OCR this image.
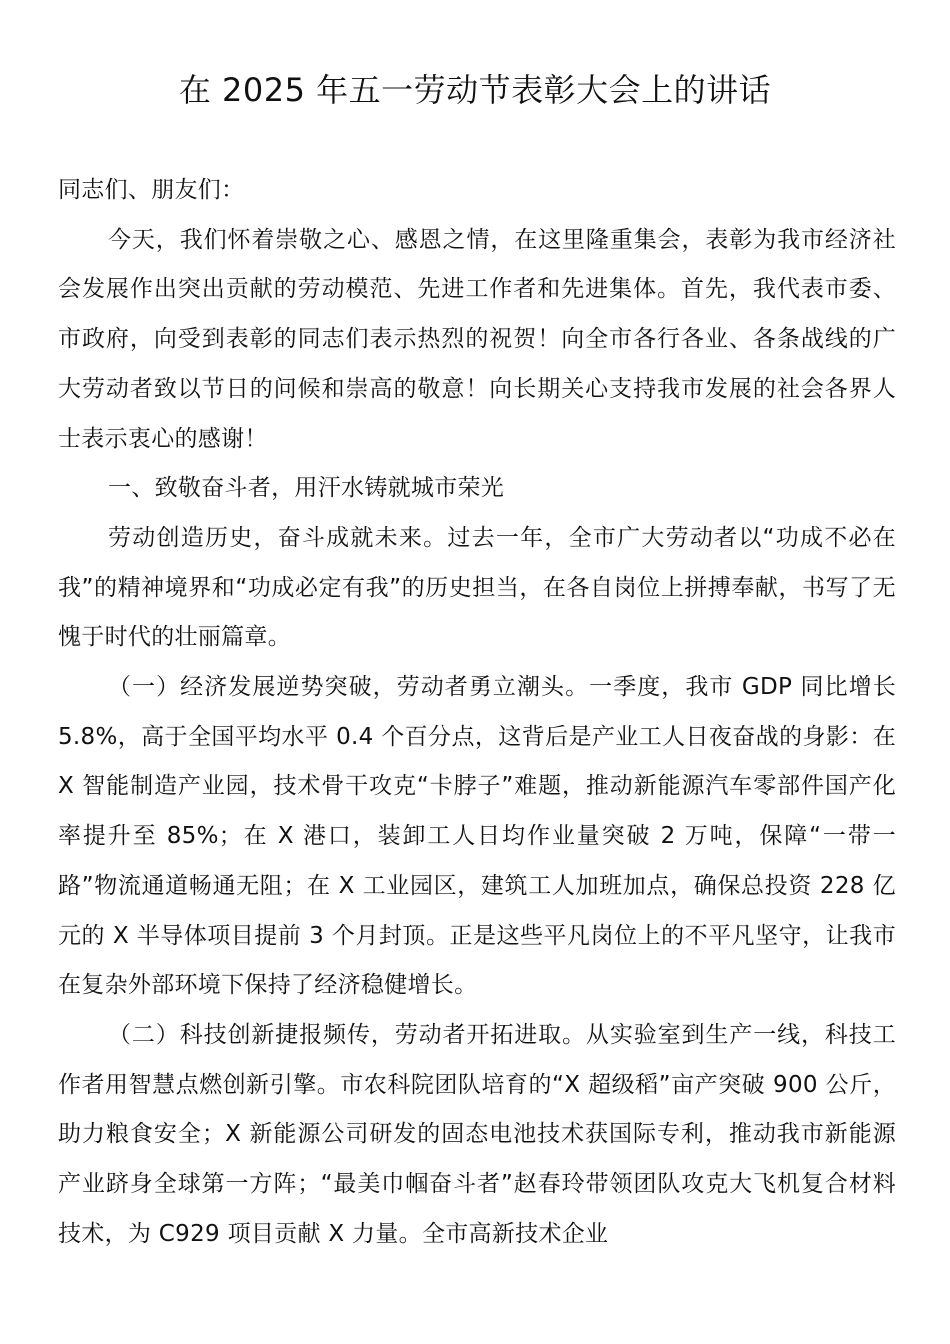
在 2025 年五一劳动节表彰大会上的讲话

同志们、朋友们：

今天，我们怀着崇敬之心、感恩之情，在这里隆重集会，表彰为我市经济社会发展作出突出贡献的劳动模范、先进工作者和先进集体。首先，我代表市委、市政府，向受到表彰的同志们表示热烈的祝贺！向全市各行各业、各条战线的广大劳动者致以节日的问候和崇高的敬意！向长期关心支持我市发展的社会各界人士表示衷心的感谢！

一、致敬奋斗者，用汗水铸就城市荣光

劳动创造历史，奋斗成就未来。过去一年，全市广大劳动者以“功成不必在我”的精神境界和“功成必定有我”的历史担当，在各自岗位上拼搏奉献，书写了无愧于时代的壮丽篇章。

（一）经济发展逆势突破，劳动者勇立潮头。一季度，我市 GDP 同比增长 5.8%，高于全国平均水平 0.4 个百分点，这背后是产业工人日夜奋战的身影：在 X 智能制造产业园，技术骨干攻克“卡脖子”难题，推动新能源汽车零部件国产化率提升至 85%；在 X 港口，装卸工人日均作业量突破 2 万吨，保障“一带一路”物流通道畅通无阻；在 X 工业园区，建筑工人加班加点，确保总投资 228 亿元的 X 半导体项目提前 3 个月封顶。正是这些平凡岗位上的不平凡坚守，让我市在复杂外部环境下保持了经济稳健增长。

（二）科技创新捷报频传，劳动者开拓进取。从实验室到生产一线，科技工作者用智慧点燃创新引擎。市农科院团队培育的“X 超级稻”亩产突破 900 公斤，助力粮食安全；X 新能源公司研发的固态电池技术获国际专利，推动我市新能源产业跻身全球第一方阵；“最美巾帼奋斗者”赵春玲带领团队攻克大飞机复合材料技术，为 C929 项目贡献 X 力量。全市高新技术企业
